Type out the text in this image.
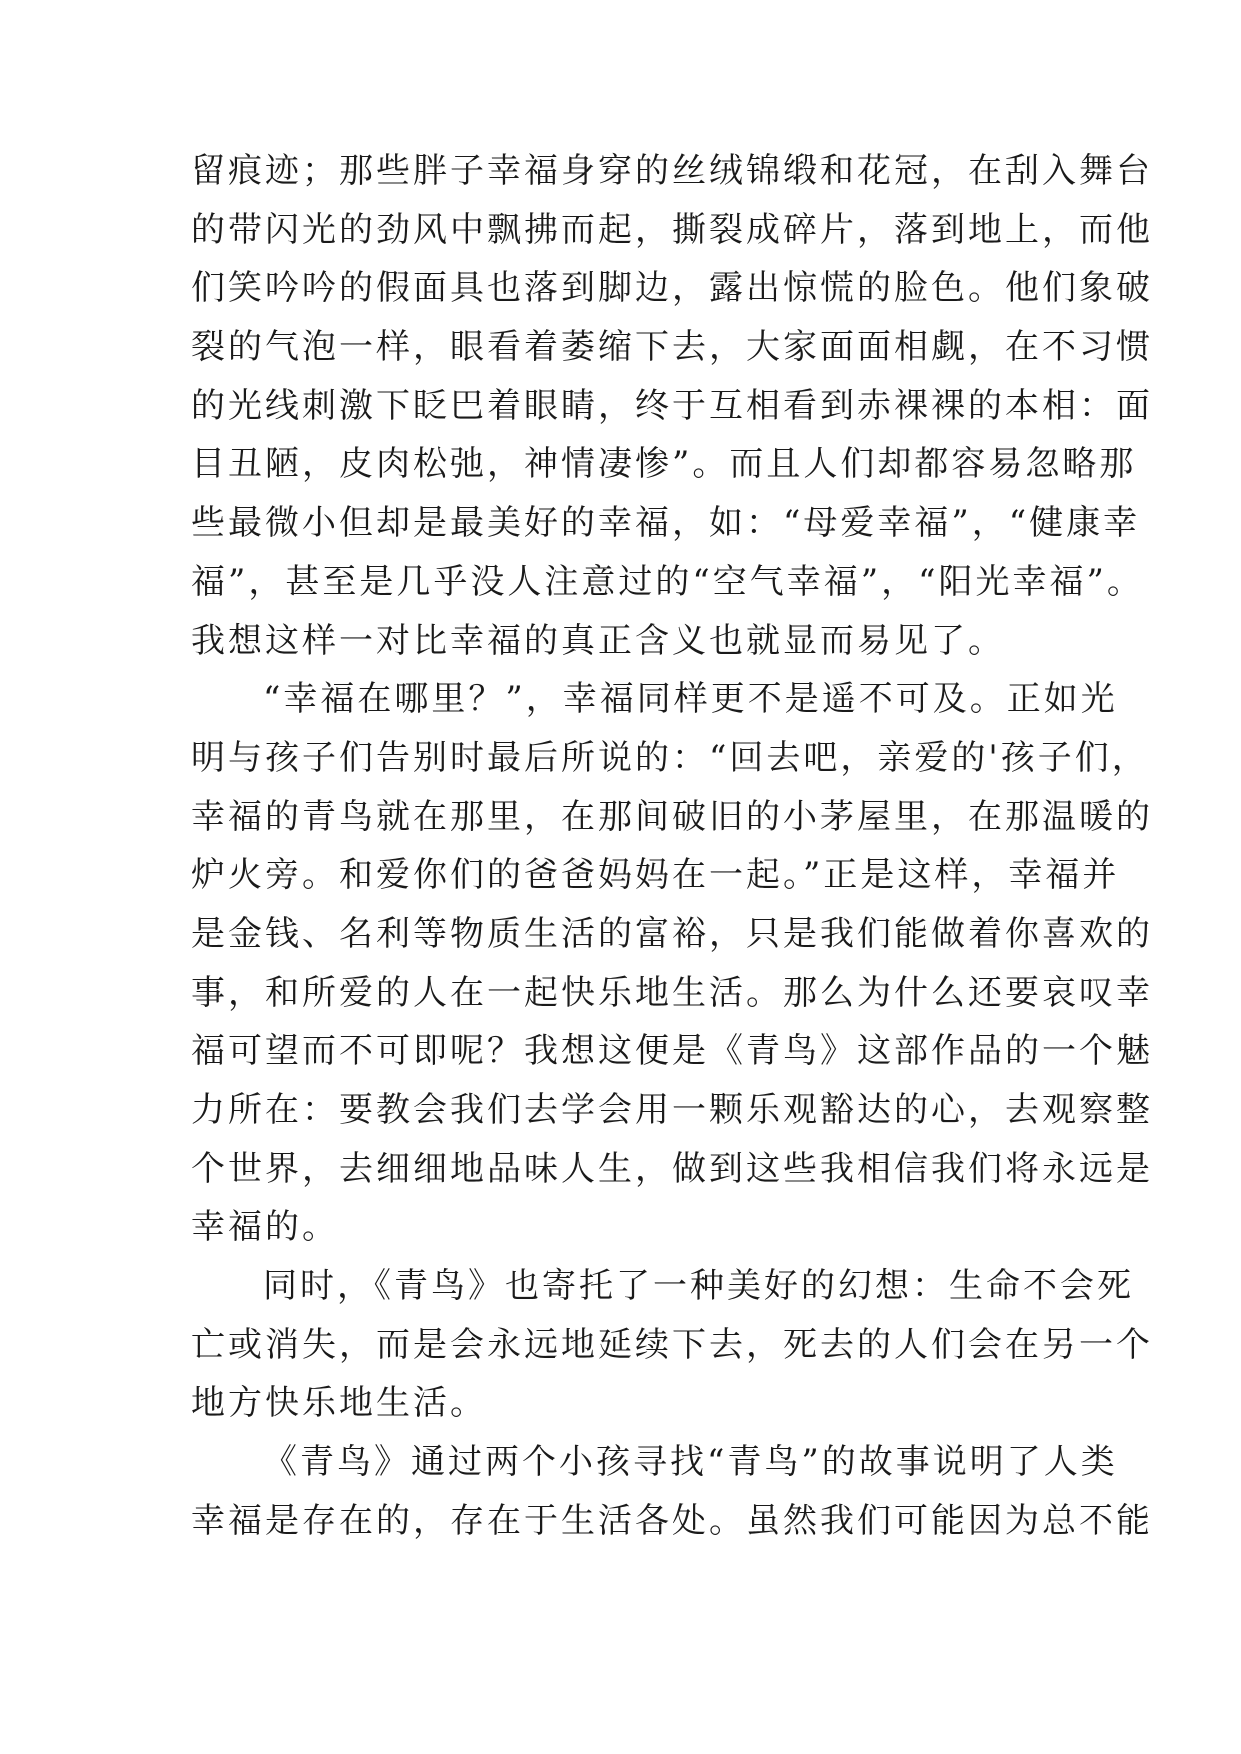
留痕迹；那些胖子幸福身穿的丝绒锦缎和花冠，在刮入舞台
的带闪光的劲风中飘拂而起，撕裂成碎片，落到地上，而他
们笑吟吟的假面具也落到脚边，露出惊慌的脸色。他们象破
裂的气泡一样，眼看着萎缩下去，大家面面相觑，在不习惯
的光线刺激下眨巴着眼睛，终于互相看到赤裸裸的本相：面
目丑陋，皮肉松弛，神情凄惨”。而且人们却都容易忽略那
些最微小但却是最美好的幸福，如：“母爱幸福”，“健康幸
福”，甚至是几乎没人注意过的“空气幸福”，“阳光幸福”。
我想这样一对比幸福的真正含义也就显而易见了。
“幸福在哪里？”，幸福同样更不是遥不可及。正如光
明与孩子们告别时最后所说的：“回去吧，亲爱的'孩子们，
幸福的青鸟就在那里，在那间破旧的小茅屋里，在那温暖的
炉火旁。和爱你们的爸爸妈妈在一起。”正是这样，幸福并
是金钱、名利等物质生活的富裕，只是我们能做着你喜欢的
事，和所爱的人在一起快乐地生活。那么为什么还要哀叹幸
福可望而不可即呢？我想这便是《青鸟》这部作品的一个魅
力所在：要教会我们去学会用一颗乐观豁达的心，去观察整
个世界，去细细地品味人生，做到这些我相信我们将永远是
幸福的。
同时，《青鸟》也寄托了一种美好的幻想：生命不会死
亡或消失，而是会永远地延续下去，死去的人们会在另一个
地方快乐地生活。
《青鸟》通过两个小孩寻找“青鸟”的故事说明了人类
幸福是存在的，存在于生活各处。虽然我们可能因为总不能
